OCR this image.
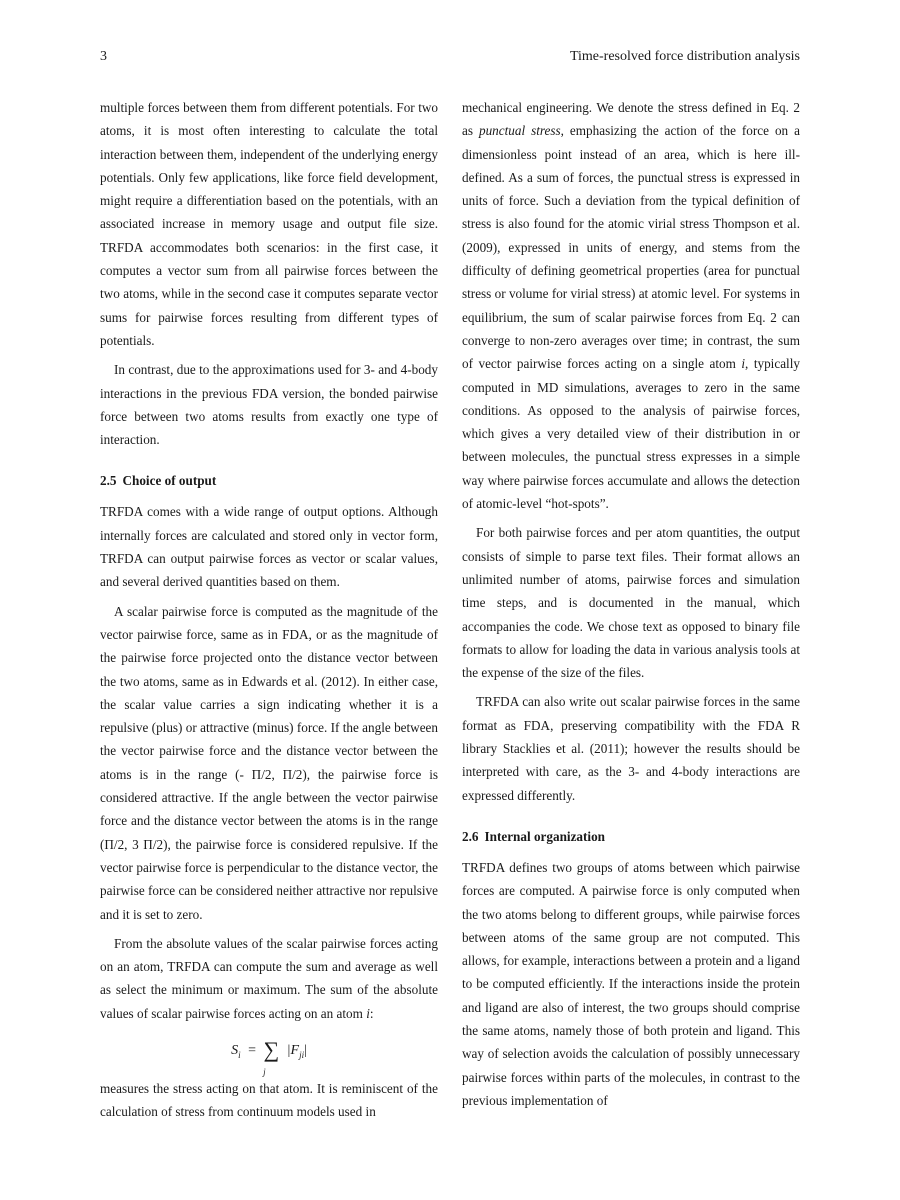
3	Time-resolved force distribution analysis

multiple forces between them from different potentials. For two atoms, it is most often interesting to calculate the total interaction between them, independent of the underlying energy potentials. Only few applications, like force field development, might require a differentiation based on the potentials, with an associated increase in memory usage and output file size. TRFDA accommodates both scenarios: in the first case, it computes a vector sum from all pairwise forces between the two atoms, while in the second case it computes separate vector sums for pairwise forces resulting from different types of potentials.

In contrast, due to the approximations used for 3- and 4-body interactions in the previous FDA version, the bonded pairwise force between two atoms results from exactly one type of interaction.

2.5 Choice of output

TRFDA comes with a wide range of output options. Although internally forces are calculated and stored only in vector form, TRFDA can output pairwise forces as vector or scalar values, and several derived quantities based on them.

A scalar pairwise force is computed as the magnitude of the vector pairwise force, same as in FDA, or as the magnitude of the pairwise force projected onto the distance vector between the two atoms, same as in Edwards et al. (2012). In either case, the scalar value carries a sign indicating whether it is a repulsive (plus) or attractive (minus) force. If the angle between the vector pairwise force and the distance vector between the atoms is in the range (- Π/2, Π/2), the pairwise force is considered attractive. If the angle between the vector pairwise force and the distance vector between the atoms is in the range (Π/2, 3 Π/2), the pairwise force is considered repulsive. If the vector pairwise force is perpendicular to the distance vector, the pairwise force can be considered neither attractive nor repulsive and it is set to zero.

From the absolute values of the scalar pairwise forces acting on an atom, TRFDA can compute the sum and average as well as select the minimum or maximum. The sum of the absolute values of scalar pairwise forces acting on an atom i:

$S_i$ = ∑
j
$|F_{ji}|$

measures the stress acting on that atom. It is reminiscent of the calculation of stress from continuum models used in

mechanical engineering. We denote the stress defined in Eq. 2 as punctual stress, emphasizing the action of the force on a dimensionless point instead of an area, which is here ill-defined. As a sum of forces, the punctual stress is expressed in units of force. Such a deviation from the typical definition of stress is also found for the atomic virial stress Thompson et al. (2009), expressed in units of energy, and stems from the difficulty of defining geometrical properties (area for punctual stress or volume for virial stress) at atomic level. For systems in equilibrium, the sum of scalar pairwise forces from Eq. 2 can converge to non-zero averages over time; in contrast, the sum of vector pairwise forces acting on a single atom i, typically computed in MD simulations, averages to zero in the same conditions. As opposed to the analysis of pairwise forces, which gives a very detailed view of their distribution in or between molecules, the punctual stress expresses in a simple way where pairwise forces accumulate and allows the detection of atomic-level “hot-spots”.

For both pairwise forces and per atom quantities, the output consists of simple to parse text files. Their format allows an unlimited number of atoms, pairwise forces and simulation time steps, and is documented in the manual, which accompanies the code. We chose text as opposed to binary file formats to allow for loading the data in various analysis tools at the expense of the size of the files.

TRFDA can also write out scalar pairwise forces in the same format as FDA, preserving compatibility with the FDA R library Stacklies et al. (2011); however the results should be interpreted with care, as the 3- and 4-body interactions are expressed differently.

2.6 Internal organization

TRFDA defines two groups of atoms between which pairwise forces are computed. A pairwise force is only computed when the two atoms belong to different groups, while pairwise forces between atoms of the same group are not computed. This allows, for example, interactions between a protein and a ligand to be computed efficiently. If the interactions inside the protein and ligand are also of interest, the two groups should comprise the same atoms, namely those of both protein and ligand. This way of selection avoids the calculation of possibly unnecessary pairwise forces within parts of the molecules, in contrast to the previous implementation of
